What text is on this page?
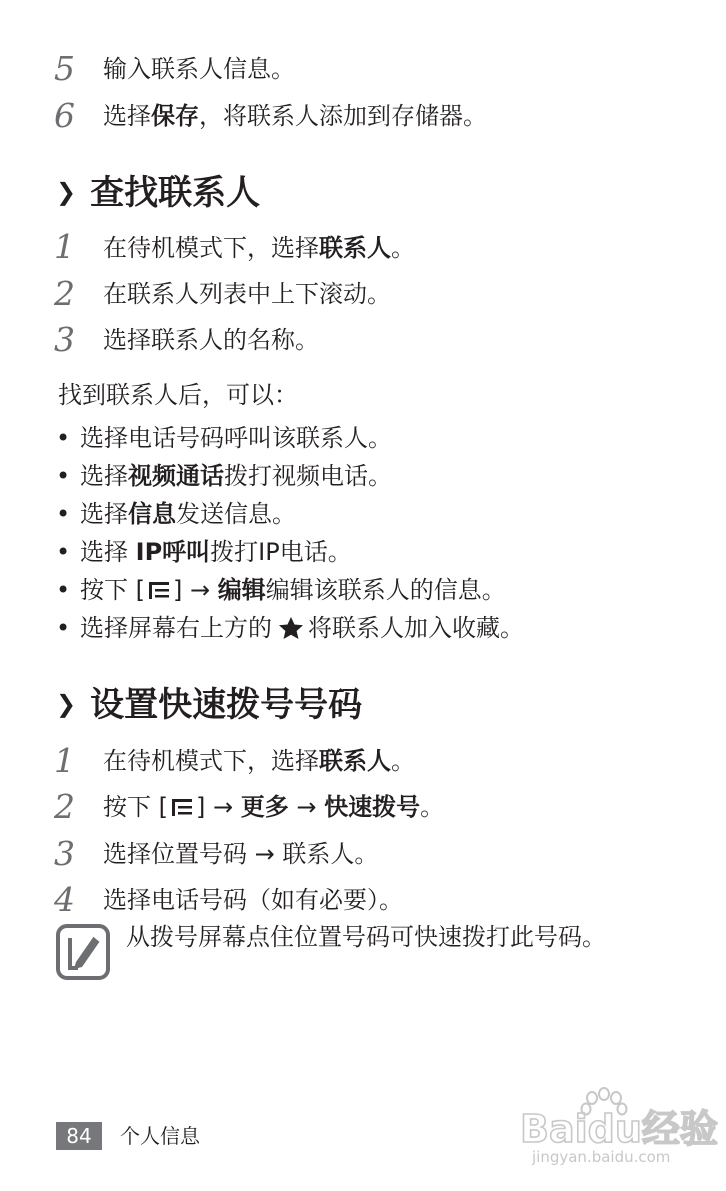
5	输入联系人信息。
6	选择保存，将联系人添加到存储器。
❯ 查找联系人
1	在待机模式下，选择联系人。
2	在联系人列表中上下滚动。
3	选择联系人的名称。
找到联系人后，可以：
• 选择电话号码呼叫该联系人。
• 选择视频通话拨打视频电话。
• 选择信息发送信息。
• 选择 IP呼叫拨打IP电话。
• 按下 [ ] → 编辑编辑该联系人的信息。
• 选择屏幕右上方的 将联系人加入收藏。
❯ 设置快速拨号号码
1	在待机模式下，选择联系人。
2	按下 [ ] → 更多 → 快速拨号。
3	选择位置号码 → 联系人。
4	选择电话号码（如有必要）。
从拨号屏幕点住位置号码可快速拨打此号码。
84	个人信息	Baidu经验
jingyan.baidu.com
